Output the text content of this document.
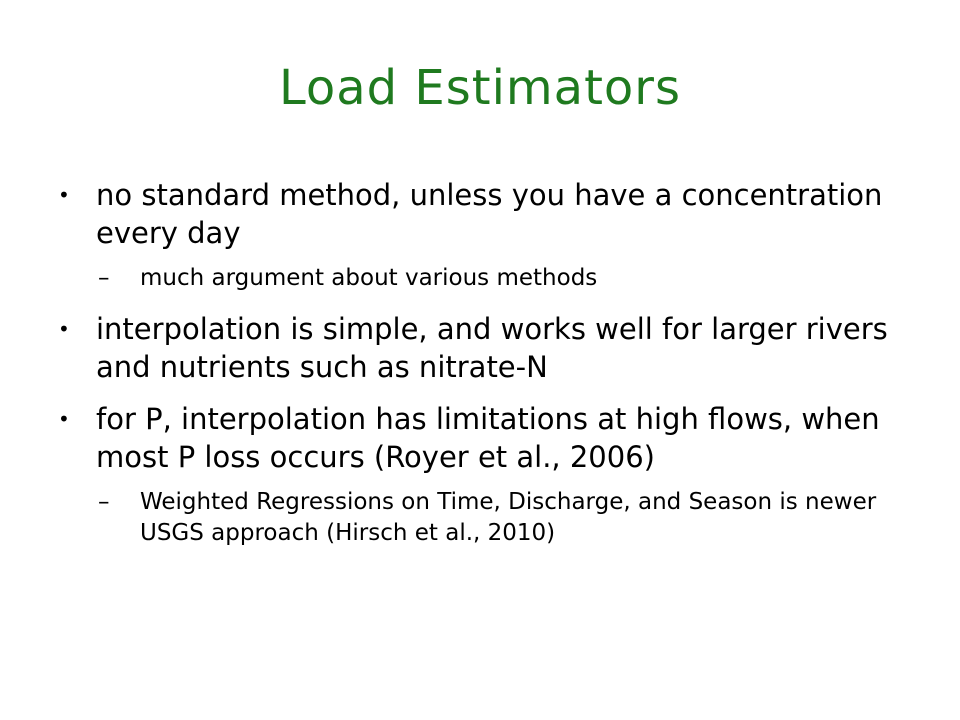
Load Estimators

• no standard method, unless you have a concentration every day

– much argument about various methods

• interpolation is simple, and works well for larger rivers and nutrients such as nitrate-N

• for P, interpolation has limitations at high flows, when most P loss occurs (Royer et al., 2006)

– Weighted Regressions on Time, Discharge, and Season is newer USGS approach (Hirsch et al., 2010)
